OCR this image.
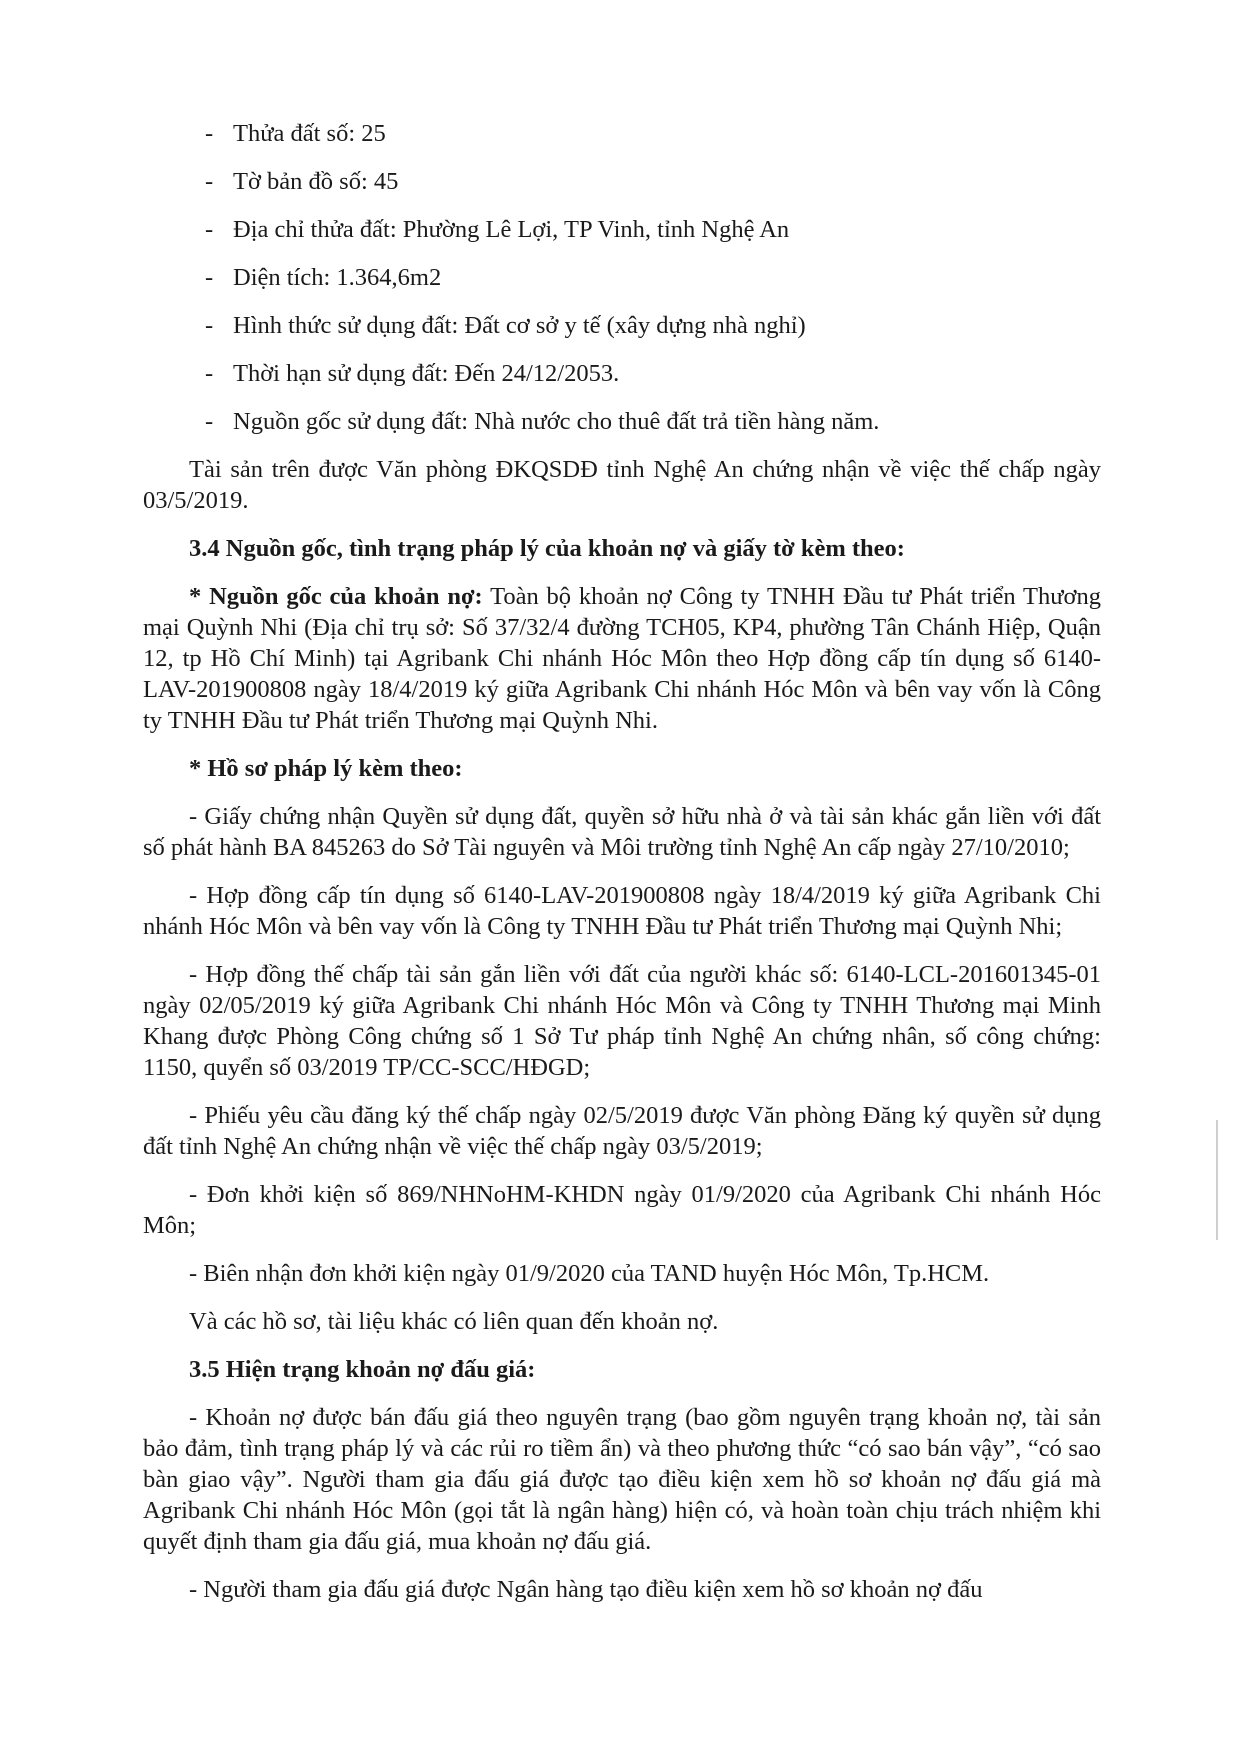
- Thửa đất số: 25
- Tờ bản đồ số: 45
- Địa chỉ thửa đất: Phường Lê Lợi, TP Vinh, tỉnh Nghệ An
- Diện tích: 1.364,6m2
- Hình thức sử dụng đất: Đất cơ sở y tế (xây dựng nhà nghỉ)
- Thời hạn sử dụng đất: Đến 24/12/2053.
- Nguồn gốc sử dụng đất: Nhà nước cho thuê đất trả tiền hàng năm.

Tài sản trên được Văn phòng ĐKQSDĐ tỉnh Nghệ An chứng nhận về việc thế chấp ngày 03/5/2019.

3.4 Nguồn gốc, tình trạng pháp lý của khoản nợ và giấy tờ kèm theo:

* Nguồn gốc của khoản nợ: Toàn bộ khoản nợ Công ty TNHH Đầu tư Phát triển Thương mại Quỳnh Nhi (Địa chỉ trụ sở: Số 37/32/4 đường TCH05, KP4, phường Tân Chánh Hiệp, Quận 12, tp Hồ Chí Minh) tại Agribank Chi nhánh Hóc Môn theo Hợp đồng cấp tín dụng số 6140-LAV-201900808 ngày 18/4/2019 ký giữa Agribank Chi nhánh Hóc Môn và bên vay vốn là Công ty TNHH Đầu tư Phát triển Thương mại Quỳnh Nhi.

* Hồ sơ pháp lý kèm theo:

- Giấy chứng nhận Quyền sử dụng đất, quyền sở hữu nhà ở và tài sản khác gắn liền với đất số phát hành BA 845263 do Sở Tài nguyên và Môi trường tỉnh Nghệ An cấp ngày 27/10/2010;

- Hợp đồng cấp tín dụng số 6140-LAV-201900808 ngày 18/4/2019 ký giữa Agribank Chi nhánh Hóc Môn và bên vay vốn là Công ty TNHH Đầu tư Phát triển Thương mại Quỳnh Nhi;

- Hợp đồng thế chấp tài sản gắn liền với đất của người khác số: 6140-LCL-201601345-01 ngày 02/05/2019 ký giữa Agribank Chi nhánh Hóc Môn và Công ty TNHH Thương mại Minh Khang được Phòng Công chứng số 1 Sở Tư pháp tỉnh Nghệ An chứng nhân, số công chứng: 1150, quyển số 03/2019 TP/CC-SCC/HĐGD;

- Phiếu yêu cầu đăng ký thế chấp ngày 02/5/2019 được Văn phòng Đăng ký quyền sử dụng đất tỉnh Nghệ An chứng nhận về việc thế chấp ngày 03/5/2019;

- Đơn khởi kiện số 869/NHNoHM-KHDN ngày 01/9/2020 của Agribank Chi nhánh Hóc Môn;

- Biên nhận đơn khởi kiện ngày 01/9/2020 của TAND huyện Hóc Môn, Tp.HCM.

Và các hồ sơ, tài liệu khác có liên quan đến khoản nợ.

3.5 Hiện trạng khoản nợ đấu giá:

- Khoản nợ được bán đấu giá theo nguyên trạng (bao gồm nguyên trạng khoản nợ, tài sản bảo đảm, tình trạng pháp lý và các rủi ro tiềm ẩn) và theo phương thức “có sao bán vậy”, “có sao bàn giao vậy”. Người tham gia đấu giá được tạo điều kiện xem hồ sơ khoản nợ đấu giá mà Agribank Chi nhánh Hóc Môn (gọi tắt là ngân hàng) hiện có, và hoàn toàn chịu trách nhiệm khi quyết định tham gia đấu giá, mua khoản nợ đấu giá.

- Người tham gia đấu giá được Ngân hàng tạo điều kiện xem hồ sơ khoản nợ đấu
